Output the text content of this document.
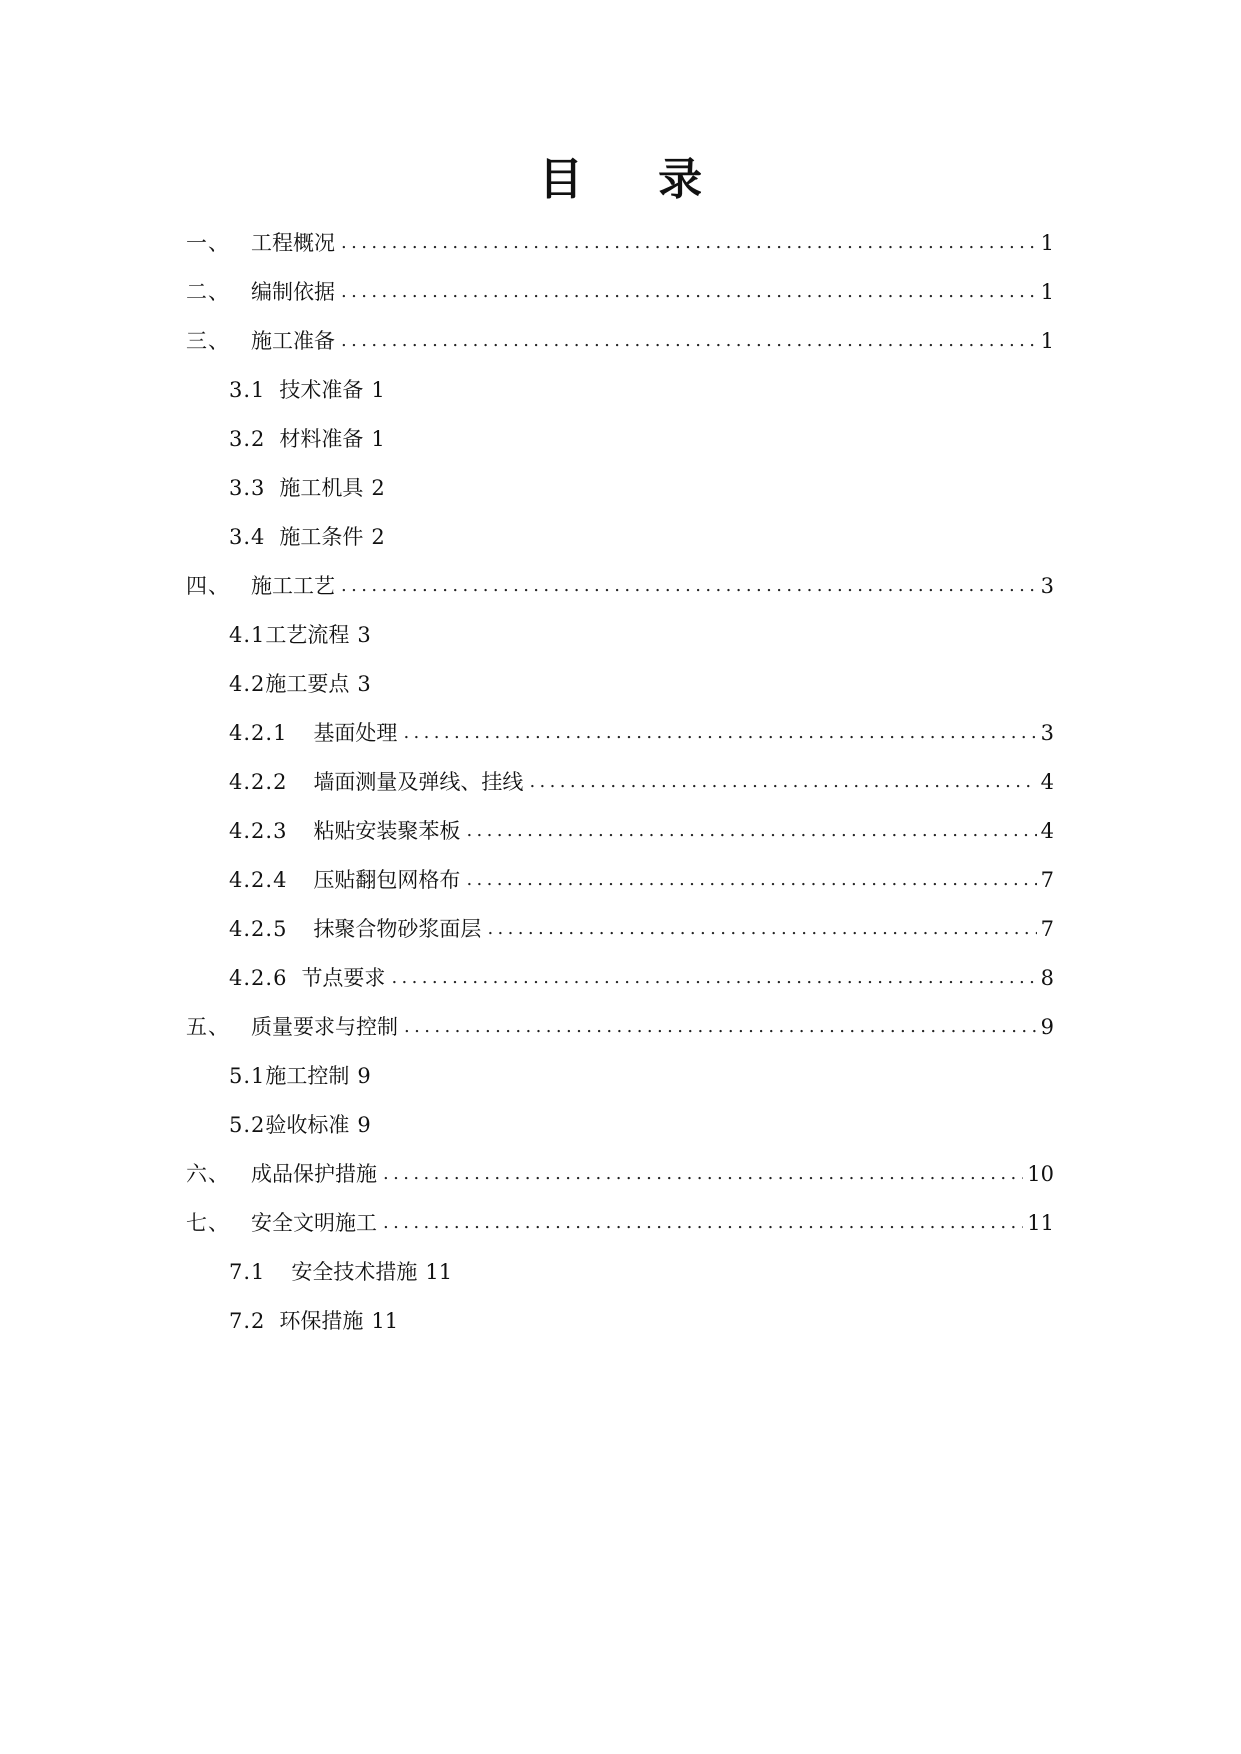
目 录
一、	工程概况 .....	1
二、	编制依据 .....	1
三、	施工准备 .....	1
3.1 技术准备 1
3.2 材料准备 1
3.3 施工机具 2
3.4 施工条件 2
四、	施工工艺 .....	3
4.1 工艺流程 3
4.2 施工要点 3
4.2.1 基面处理 .....	3
4.2.2 墙面测量及弹线、挂线 .....	4
4.2.3 粘贴安装聚苯板 .....	4
4.2.4 压贴翻包网格布 .....	7
4.2.5 抹聚合物砂浆面层 .....	7
4.2.6 节点要求 .....	8
五、	质量要求与控制 .....	9
5.1 施工控制 9
5.2 验收标准 9
六、	成品保护措施 .....	10
七、	安全文明施工 .....	11
7.1 安全技术措施 11
7.2 环保措施 11
